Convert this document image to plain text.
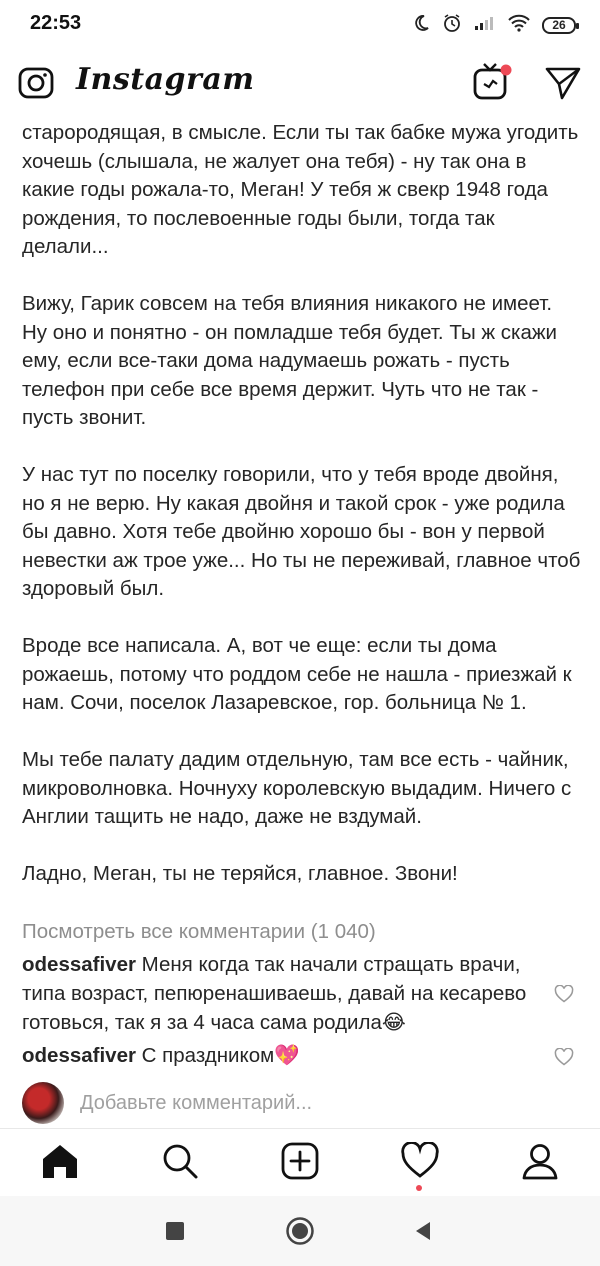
22:53	26
Instagram

старородящая, в смысле. Если ты так бабке мужа угодить хочешь (слышала, не жалует она тебя) - ну так она в какие годы рожала-то, Меган! У тебя ж свекр 1948 года рождения, то послевоенные годы были, тогда так делали...

Вижу, Гарик совсем на тебя влияния никакого не имеет. Ну оно и понятно - он помладше тебя будет. Ты ж скажи ему, если все-таки дома надумаешь рожать - пусть телефон при себе все время держит. Чуть что не так - пусть звонит.

У нас тут по поселку говорили, что у тебя вроде двойня, но я не верю. Ну какая двойня и такой срок - уже родила бы давно. Хотя тебе двойню хорошо бы - вон у первой невестки аж трое уже... Но ты не переживай, главное чтоб здоровый был.

Вроде все написала. А, вот че еще: если ты дома рожаешь, потому что роддом себе не нашла - приезжай к нам. Сочи, поселок Лазаревское, гор. больница № 1.

Мы тебе палату дадим отдельную, там все есть - чайник, микроволновка. Ночнуху королевскую выдадим. Ничего с Англии тащить не надо, даже не вздумай.

Ладно, Меган, ты не теряйся, главное. Звони!

Посмотреть все комментарии (1 040)
odessafiver Меня когда так начали стращать врачи, типа возраст, пепюренашиваешь, давай на кесарево готовься, так я за 4 часа сама родила😂
odessafiver С праздником💖
Добавьте комментарий...
